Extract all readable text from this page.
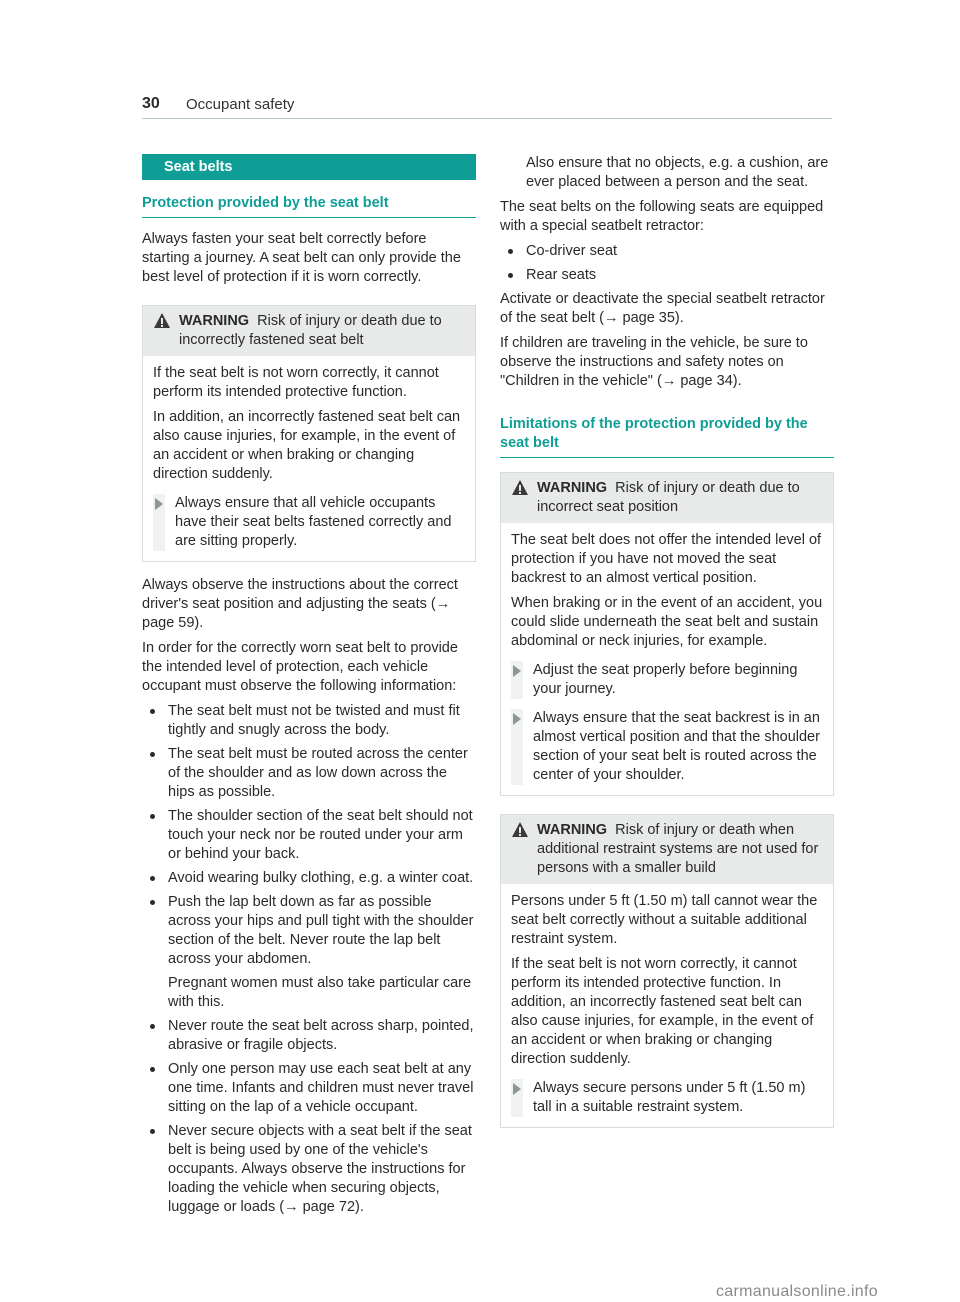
30 Occupant safety
Seat belts
Protection provided by the seat belt

Always fasten your seat belt correctly before starting a journey. A seat belt can only provide the best level of protection if it is worn correctly.

WARNING Risk of injury or death due to incorrectly fastened seat belt

If the seat belt is not worn correctly, it cannot perform its intended protective function.

In addition, an incorrectly fastened seat belt can also cause injuries, for example, in the event of an accident or when braking or changing direction suddenly.

Always ensure that all vehicle occupants have their seat belts fastened correctly and are sitting properly.

Always observe the instructions about the correct driver's seat position and adjusting the seats (→ page 59).

In order for the correctly worn seat belt to provide the intended level of protection, each vehicle occupant must observe the following information:

The seat belt must not be twisted and must fit tightly and snugly across the body.
The seat belt must be routed across the center of the shoulder and as low down across the hips as possible.
The shoulder section of the seat belt should not touch your neck nor be routed under your arm or behind your back.
Avoid wearing bulky clothing, e.g. a winter coat.
Push the lap belt down as far as possible across your hips and pull tight with the shoulder section of the belt. Never route the lap belt across your abdomen.
Pregnant women must also take particular care with this.
Never route the seat belt across sharp, pointed, abrasive or fragile objects.
Only one person may use each seat belt at any one time. Infants and children must never travel sitting on the lap of a vehicle occupant.
Never secure objects with a seat belt if the seat belt is being used by one of the vehicle's occupants. Always observe the instructions for loading the vehicle when securing objects, luggage or loads (→ page 72).
Also ensure that no objects, e.g. a cushion, are ever placed between a person and the seat.

The seat belts on the following seats are equipped with a special seatbelt retractor:

Co-driver seat
Rear seats

Activate or deactivate the special seatbelt retractor of the seat belt (→ page 35).

If children are traveling in the vehicle, be sure to observe the instructions and safety notes on "Children in the vehicle" (→ page 34).

Limitations of the protection provided by the seat belt
WARNING Risk of injury or death due to incorrect seat position

The seat belt does not offer the intended level of protection if you have not moved the seat backrest to an almost vertical position.

When braking or in the event of an accident, you could slide underneath the seat belt and sustain abdominal or neck injuries, for example.

Adjust the seat properly before beginning your journey.
Always ensure that the seat backrest is in an almost vertical position and that the shoulder section of your seat belt is routed across the center of your shoulder.
WARNING Risk of injury or death when additional restraint systems are not used for persons with a smaller build

Persons under 5 ft (1.50 m) tall cannot wear the seat belt correctly without a suitable additional restraint system.

If the seat belt is not worn correctly, it cannot perform its intended protective function. In addition, an incorrectly fastened seat belt can also cause injuries, for example, in the event of an accident or when braking or changing direction suddenly.

Always secure persons under 5 ft (1.50 m) tall in a suitable restraint system.
carmanualsonline.info
